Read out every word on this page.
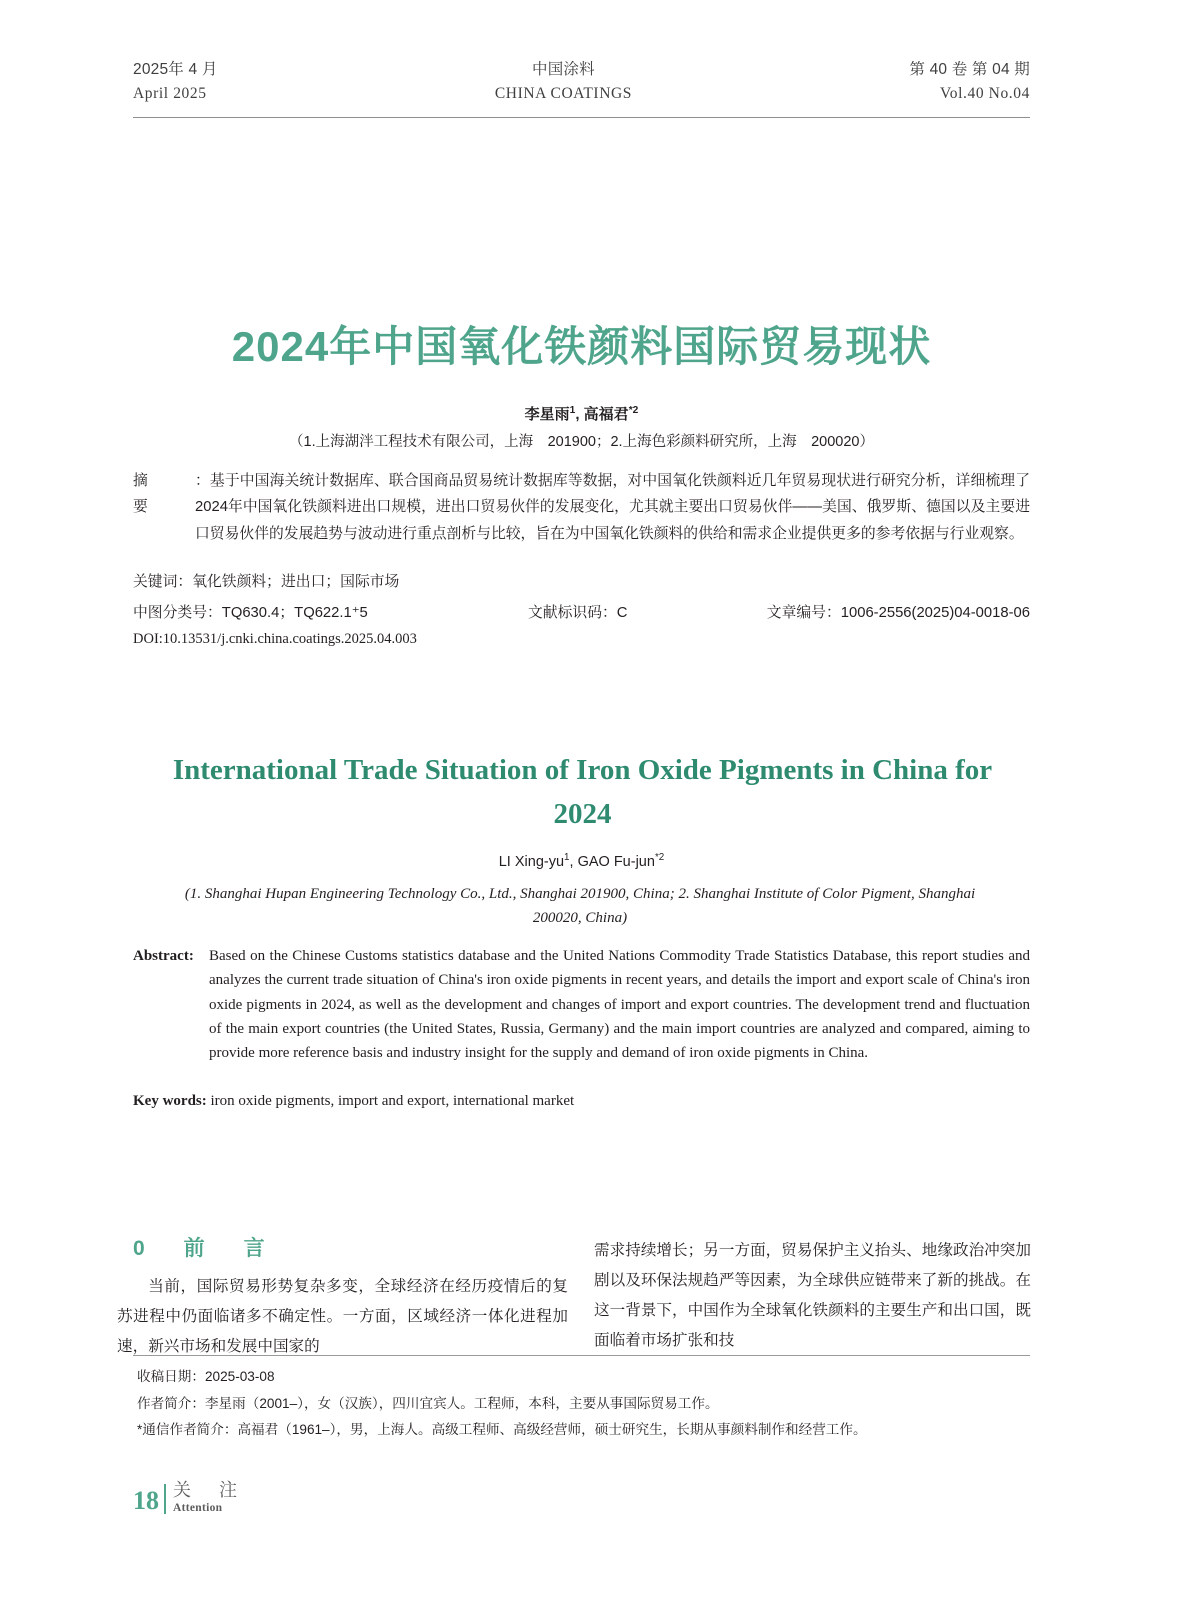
2025年 4 月
April 2025
中国涂料
CHINA COATINGS
第 40 卷 第 04 期
Vol.40 No.04
2024年中国氧化铁颜料国际贸易现状
李星雨$^1$, 高福君$^{*2}$
（1.上海湖泮工程技术有限公司，上海　201900；2.上海色彩颜料研究所，上海　200020）
摘　要
：基于中国海关统计数据库、联合国商品贸易统计数据库等数据，对中国氧化铁颜料近几年贸易现状进行研究分析，详细梳理了2024年中国氧化铁颜料进出口规模，进出口贸易伙伴的发展变化，尤其就主要出口贸易伙伴——美国、俄罗斯、德国以及主要进口贸易伙伴的发展趋势与波动进行重点剖析与比较，旨在为中国氧化铁颜料的供给和需求企业提供更多的参考依据与行业观察。
关键词：氧化铁颜料；进出口；国际市场
中图分类号：TQ630.4；TQ622.1⁺5	文献标识码：C	文章编号：1006-2556(2025)04-0018-06
DOI:10.13531/j.cnki.china.coatings.2025.04.003
International Trade Situation of Iron Oxide Pigments in China for 2024
LI Xing-$yu^1$, GAO Fu-jun$^{*2}$
(1. Shanghai Hupan Engineering Technology Co., Ltd., Shanghai 201900, China; 2. Shanghai Institute of Color Pigment, Shanghai 200020, China)
Abstract:	Based on the Chinese Customs statistics database and the United Nations Commodity Trade Statistics Database, this report studies and analyzes the current trade situation of China's iron oxide pigments in recent years, and details the import and export scale of China's iron oxide pigments in 2024, as well as the development and changes of import and export countries. The development trend and fluctuation of the main export countries (the United States, Russia, Germany) and the main import countries are analyzed and compared, aiming to provide more reference basis and industry insight for the supply and demand of iron oxide pigments in China.
Key words: iron oxide pigments, import and export, international market
0　前　言

当前，国际贸易形势复杂多变，全球经济在经历疫情后的复苏进程中仍面临诸多不确定性。一方面，区域经济一体化进程加速，新兴市场和发展中国家的

需求持续增长；另一方面，贸易保护主义抬头、地缘政治冲突加剧以及环保法规趋严等因素，为全球供应链带来了新的挑战。在这一背景下，中国作为全球氧化铁颜料的主要生产和出口国，既面临着市场扩张和技

收稿日期：2025-03-08
作者简介：李星雨（2001–），女（汉族），四川宜宾人。工程师，本科，主要从事国际贸易工作。
*通信作者简介：高福君（1961–），男，上海人。高级工程师、高级经营师，硕士研究生，长期从事颜料制作和经营工作。
18 关　注
Attention
